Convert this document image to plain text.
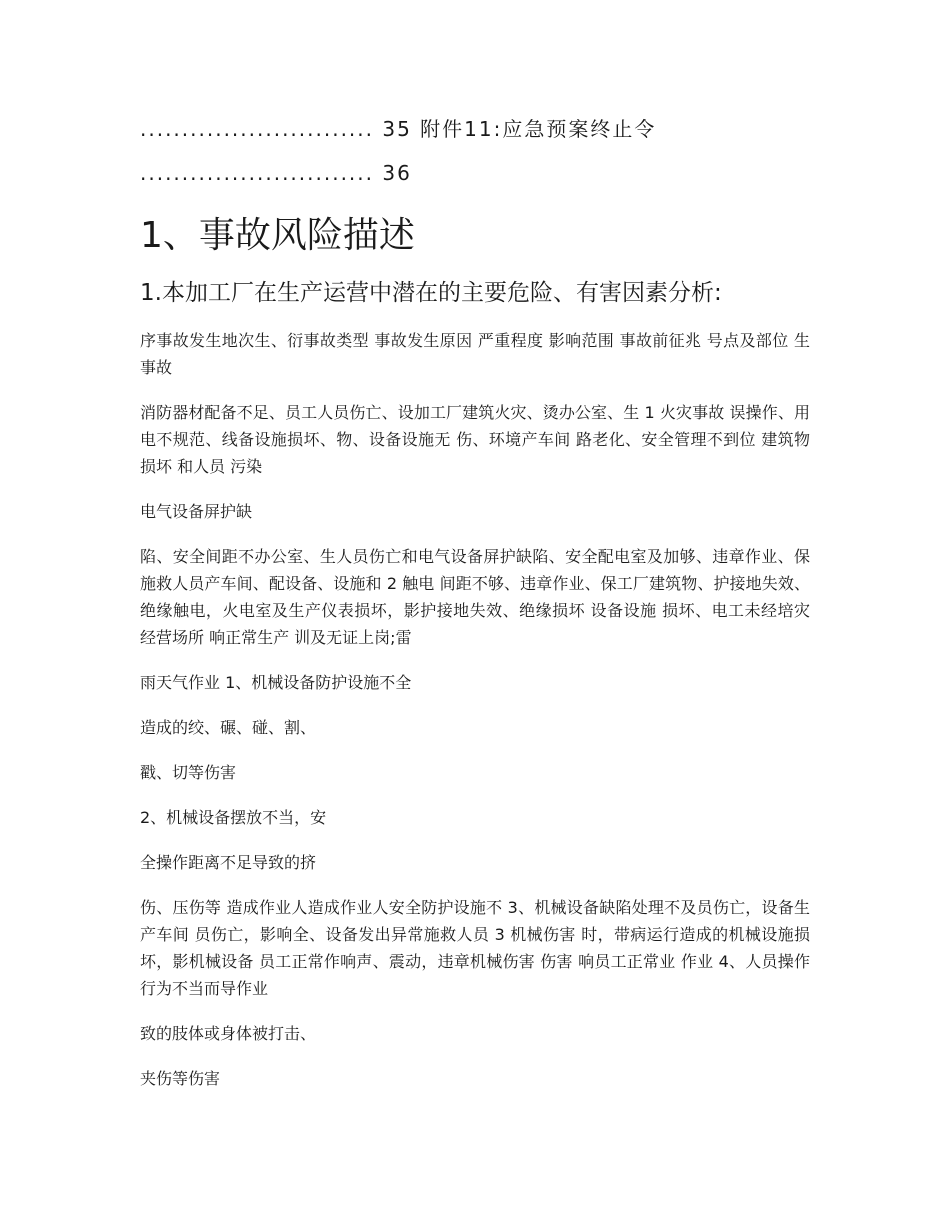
............................ 35 附件11:应急预案终止令

............................ 36

1、事故风险描述
1.本加工厂在生产运营中潜在的主要危险、有害因素分析:

序事故发生地次生、衍事故类型 事故发生原因 严重程度 影响范围 事故前征兆 号点及部位 生事故

消防器材配备不足、员工人员伤亡、设加工厂建筑火灾、烫办公室、生 1 火灾事故 误操作、用电不规范、线备设施损坏、物、设备设施无 伤、环境产车间 路老化、安全管理不到位 建筑物损坏 和人员 污染

电气设备屏护缺

陷、安全间距不办公室、生人员伤亡和电气设备屏护缺陷、安全配电室及加够、违章作业、保施救人员产车间、配设备、设施和 2 触电 间距不够、违章作业、保工厂建筑物、护接地失效、绝缘触电，火电室及生产仪表损坏，影护接地失效、绝缘损坏 设备设施 损坏、电工未经培灾 经营场所 响正常生产 训及无证上岗;雷

雨天气作业 1、机械设备防护设施不全

造成的绞、碾、碰、割、

戳、切等伤害

2、机械设备摆放不当，安

全操作距离不足导致的挤

伤、压伤等 造成作业人造成作业人安全防护设施不 3、机械设备缺陷处理不及员伤亡，设备生产车间 员伤亡，影响全、设备发出异常施救人员 3 机械伤害 时，带病运行造成的机械设施损坏，影机械设备 员工正常作响声、震动，违章机械伤害 伤害 响员工正常业 作业 4、人员操作行为不当而导作业

致的肢体或身体被打击、

夹伤等伤害
